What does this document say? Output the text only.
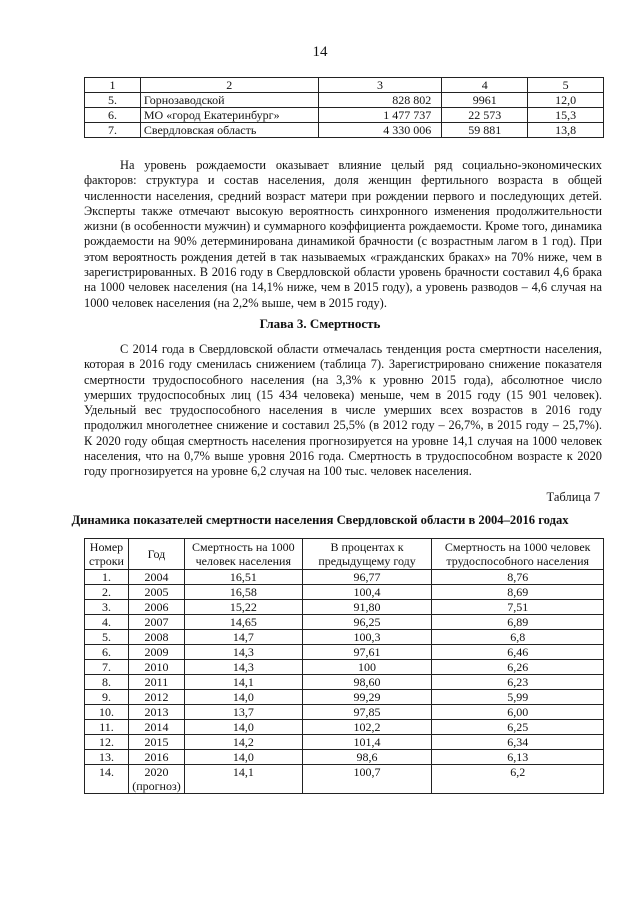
14
1	2	3	4	5
5.	Горнозаводской	828 802	9961	12,0
6.	МО «город Екатеринбург»	1 477 737	22 573	15,3
7.	Свердловская область	4 330 006	59 881	13,8

На уровень рождаемости оказывает влияние целый ряд социально-экономических факторов: структура и состав населения, доля женщин фертильного возраста в общей численности населения, средний возраст матери при рождении первого и последующих детей. Эксперты также отмечают высокую вероятность синхронного изменения продолжительности жизни (в особенности мужчин) и суммарного коэффициента рождаемости. Кроме того, динамика рождаемости на 90% детерминирована динамикой брачности (с возрастным лагом в 1 год). При этом вероятность рождения детей в так называемых «гражданских браках» на 70% ниже, чем в зарегистрированных. В 2016 году в Свердловской области уровень брачности составил 4,6 брака на 1000 человек населения (на 14,1% ниже, чем в 2015 году), а уровень разводов – 4,6 случая на 1000 человек населения (на 2,2% выше, чем в 2015 году).

Глава 3. Смертность

С 2014 года в Свердловской области отмечалась тенденция роста смертности населения, которая в 2016 году сменилась снижением (таблица 7). Зарегистрировано снижение показателя смертности трудоспособного населения (на 3,3% к уровню 2015 года), абсолютное число умерших трудоспособных лиц (15 434 человека) меньше, чем в 2015 году (15 901 человек). Удельный вес трудоспособного населения в числе умерших всех возрастов в 2016 году продолжил многолетнее снижение и составил 25,5% (в 2012 году – 26,7%, в 2015 году – 25,7%). К 2020 году общая смертность населения прогнозируется на уровне 14,1 случая на 1000 человек населения, что на 0,7% выше уровня 2016 года. Смертность в трудоспособном возрасте к 2020 году прогнозируется на уровне 6,2 случая на 100 тыс. человек населения.

Таблица 7

Динамика показателей смертности населения Свердловской области в 2004–2016 годах

Номер строки	Год	Смертность на 1000 человек населения	В процентах к предыдущему году	Смертность на 1000 человек трудоспособного населения
1.	2004	16,51	96,77	8,76
2.	2005	16,58	100,4	8,69
3.	2006	15,22	91,80	7,51
4.	2007	14,65	96,25	6,89
5.	2008	14,7	100,3	6,8
6.	2009	14,3	97,61	6,46
7.	2010	14,3	100	6,26
8.	2011	14,1	98,60	6,23
9.	2012	14,0	99,29	5,99
10.	2013	13,7	97,85	6,00
11.	2014	14,0	102,2	6,25
12.	2015	14,2	101,4	6,34
13.	2016	14,0	98,6	6,13
14.	2020 (прогноз)	14,1	100,7	6,2
